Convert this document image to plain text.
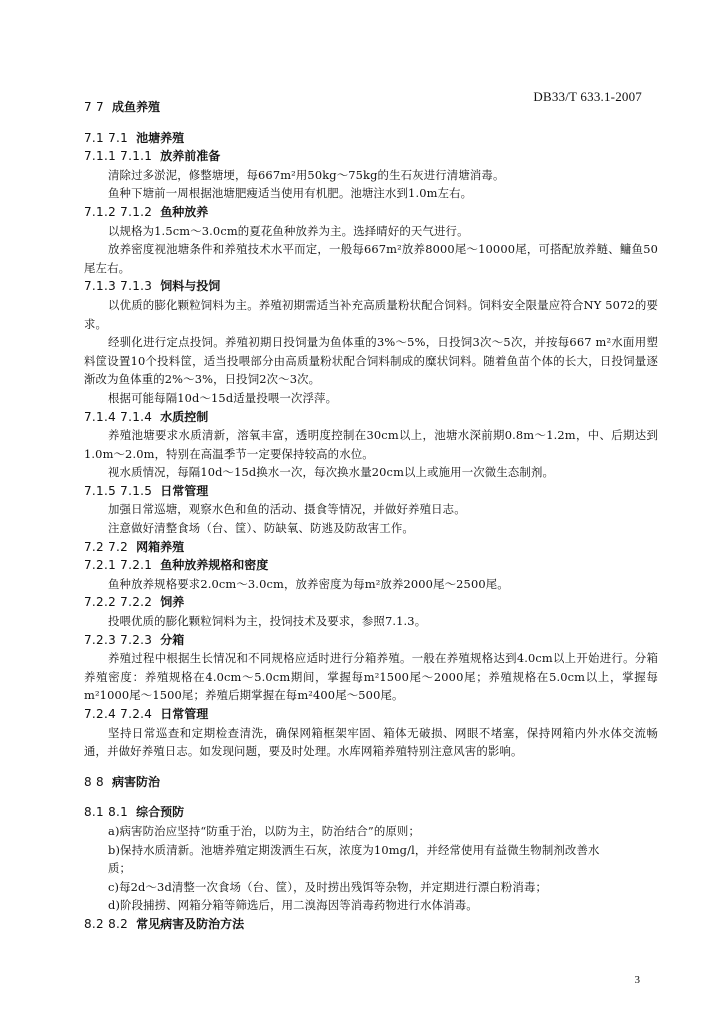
DB33/T 633.1-2007
7 7 成鱼养殖
7.1 7.1 池塘养殖
7.1.1 7.1.1 放养前准备
清除过多淤泥，修整塘埂，每667m²用50kg～75kg的生石灰进行清塘消毒。
鱼种下塘前一周根据池塘肥瘦适当使用有机肥。池塘注水到1.0m左右。
7.1.2 7.1.2 鱼种放养
以规格为1.5cm～3.0cm的夏花鱼种放养为主。选择晴好的天气进行。
放养密度视池塘条件和养殖技术水平而定，一般每667m²放养8000尾～10000尾，可搭配放养鲢、鳙鱼50尾左右。
7.1.3 7.1.3 饲料与投饲
以优质的膨化颗粒饲料为主。养殖初期需适当补充高质量粉状配合饲料。饲料安全限量应符合NY 5072的要求。
经驯化进行定点投饲。养殖初期日投饲量为鱼体重的3%～5%，日投饲3次～5次，并按每667 m²水面用塑料筐设置10个投料筐，适当投喂部分由高质量粉状配合饲料制成的糜状饲料。随着鱼苗个体的长大，日投饲量逐渐改为鱼体重的2%～3%，日投饲2次～3次。
根据可能每隔10d～15d适量投喂一次浮萍。
7.1.4 7.1.4 水质控制
养殖池塘要求水质清新，溶氧丰富，透明度控制在30cm以上，池塘水深前期0.8m～1.2m，中、后期达到1.0m～2.0m，特别在高温季节一定要保持较高的水位。
视水质情况，每隔10d～15d换水一次，每次换水量20cm以上或施用一次微生态制剂。
7.1.5 7.1.5 日常管理
加强日常巡塘，观察水色和鱼的活动、摄食等情况，并做好养殖日志。
注意做好清整食场（台、筐）、防缺氧、防逃及防敌害工作。
7.2 7.2 网箱养殖
7.2.1 7.2.1 鱼种放养规格和密度
鱼种放养规格要求2.0cm～3.0cm，放养密度为每m²放养2000尾～2500尾。
7.2.2 7.2.2 饲养
投喂优质的膨化颗粒饲料为主，投饲技术及要求，参照7.1.3。
7.2.3 7.2.3 分箱
养殖过程中根据生长情况和不同规格应适时进行分箱养殖。一般在养殖规格达到4.0cm以上开始进行。分箱养殖密度：养殖规格在4.0cm～5.0cm期间，掌握每m²1500尾～2000尾；养殖规格在5.0cm以上，掌握每m²1000尾～1500尾；养殖后期掌握在每m²400尾～500尾。
7.2.4 7.2.4 日常管理
坚持日常巡查和定期检查清洗，确保网箱框架牢固、箱体无破损、网眼不堵塞，保持网箱内外水体交流畅通，并做好养殖日志。如发现问题，要及时处理。水库网箱养殖特别注意风害的影响。
8 8 病害防治
8.1 8.1 综合预防
a)病害防治应坚持“防重于治，以防为主，防治结合”的原则；
b)保持水质清新。池塘养殖定期泼洒生石灰，浓度为10mg/l，并经常使用有益微生物制剂改善水
质；
c)每2d～3d清整一次食场（台、筐），及时捞出残饵等杂物，并定期进行漂白粉消毒；
d)阶段捕捞、网箱分箱等筛选后，用二溴海因等消毒药物进行水体消毒。
8.2 8.2 常见病害及防治方法
3
